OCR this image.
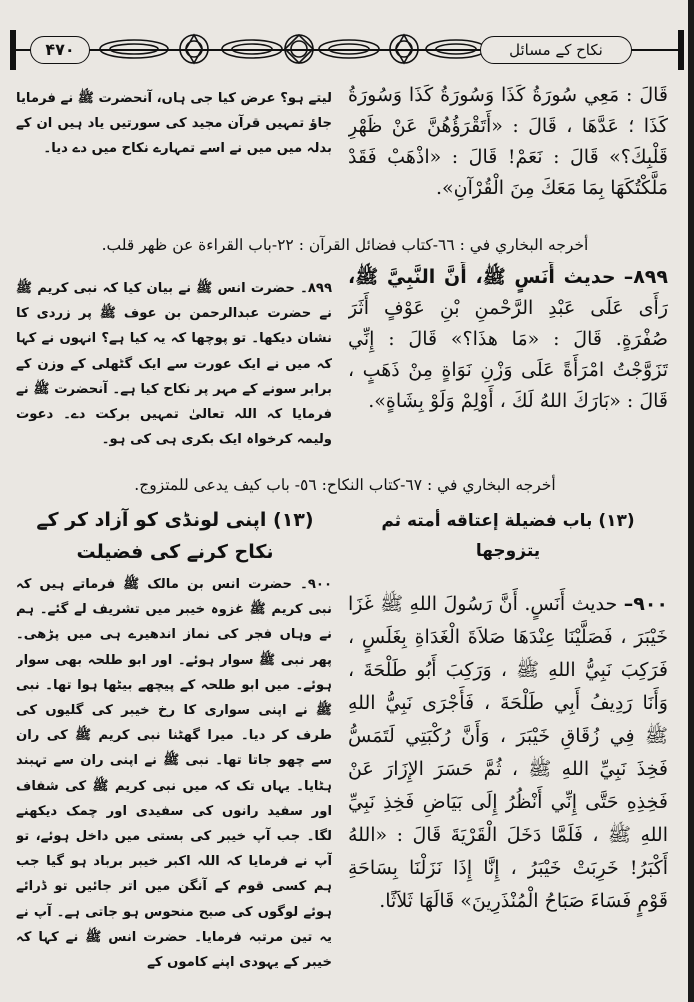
۴۷۰	نکاح کے مسائل
قَالَ : مَعِي سُورَةُ كَذَا وَسُورَةُ كَذَا وَسُورَةُ كَذَا ؛ عَدَّهَا ، قَالَ : «أَتَقْرَؤُهُنَّ عَنْ ظَهْرِ قَلْبِكَ؟» قَالَ : نَعَمْ! قَالَ : «اذْهَبْ فَقَدْ مَلَّكْتُكَهَا بِمَا مَعَكَ مِنَ الْقُرْآنِ».
لیتے ہو؟ عرض کیا جی ہاں، آنحضرت ﷺ نے فرمایا جاؤ تمہیں قرآن مجید کی سورتیں یاد ہیں ان کے بدلہ میں میں نے اسے تمہارے نکاح میں دے دیا۔
أخرجه البخاري في : ٦٦-كتاب فضائل القرآن : ٢٢-باب القراءة عن ظهر قلب.
٨٩٩– حديث أَنَسٍ ﷺ، أَنَّ النَّبِيَّ ﷺ، رَأَى عَلَى عَبْدِ الرَّحْمنِ بْنِ عَوْفٍ أَثَرَ صُفْرَةٍ. قَالَ : «مَا هذَا؟» قَالَ : إِنِّي تَزَوَّجْتُ امْرَأَةً عَلَى وَزْنِ نَوَاةٍ مِنْ ذَهَبٍ ، قَالَ : «بَارَكَ اللهُ لَكَ ، أَوْلِمْ وَلَوْ بِشَاةٍ».
۸۹۹۔ حضرت انس ﷺ نے بیان کیا کہ نبی کریم ﷺ نے حضرت عبدالرحمن بن عوف ﷺ پر زردی کا نشان دیکھا۔ تو پوچھا کہ یہ کیا ہے؟ انہوں نے کہا کہ میں نے ایک عورت سے ایک گٹھلی کے وزن کے برابر سونے کے مہر پر نکاح کیا ہے۔ آنحضرت ﷺ نے فرمایا کہ اللہ تعالیٰ تمہیں برکت دے۔ دعوت ولیمہ کرخواہ ایک بکری ہی کی ہو۔
أخرجه البخاري في : ٦٧-كتاب النكاح: ٥٦- باب كيف يدعى للمتزوج.
(١٣) باب فضيلة إعتاقه أمته ثم يتزوجها
(۱۳) اپنی لونڈی کو آزاد کر کے نکاح کرنے کی فضیلت
٩٠٠– حديث أَنَسٍ. أَنَّ رَسُولَ اللهِ ﷺ غَزَا خَيْبَرَ ، فَصَلَّيْنَا عِنْدَهَا صَلاَةَ الْغَدَاةِ بِغَلَسٍ ، فَرَكِبَ نَبِيُّ اللهِ ﷺ ، وَرَكِبَ أَبُو طَلْحَةَ ، وَأَنَا رَدِيفُ أَبِي طَلْحَةَ ، فَأَجْرَى نَبِيُّ اللهِ ﷺ فِي زُقَاقِ خَيْبَرَ ، وَأَنَّ رُكْبَتِي لَتَمَسُّ فَخِذَ نَبِيِّ اللهِ ﷺ ، ثُمَّ حَسَرَ الإِزَارَ عَنْ فَخِذِهِ حَتَّى إِنِّي أَنْظُرُ إِلَى بَيَاضِ فَخِذِ نَبِيِّ اللهِ ﷺ ، فَلَمَّا دَخَلَ الْقَرْيَةَ قَالَ : «اللهُ أَكْبَرُ! خَرِبَتْ خَيْبَرُ ، إِنَّا إِذَا نَزَلْنَا بِسَاحَةِ قَوْمٍ فَسَاءَ صَبَاحُ الْمُنْذَرِينَ» قَالَهَا ثَلاَثًا.
۹۰۰۔ حضرت انس بن مالک ﷺ فرماتے ہیں کہ نبی کریم ﷺ غزوہ خیبر میں تشریف لے گئے۔ ہم نے وہاں فجر کی نماز اندھیرے ہی میں پڑھی۔ پھر نبی ﷺ سوار ہوئے۔ اور ابو طلحہ بھی سوار ہوئے۔ میں ابو طلحہ کے پیچھے بیٹھا ہوا تھا۔ نبی ﷺ نے اپنی سواری کا رخ خیبر کی گلیوں کی طرف کر دیا۔ میرا گھٹنا نبی کریم ﷺ کی ران سے چھو جاتا تھا۔ نبی ﷺ نے اپنی ران سے تہبند ہٹایا۔ یہاں تک کہ میں نبی کریم ﷺ کی شفاف اور سفید رانوں کی سفیدی اور چمک دیکھنے لگا۔ جب آپ خیبر کی بستی میں داخل ہوئے، تو آپ نے فرمایا کہ اللہ اکبر خیبر برباد ہو گیا جب ہم کسی قوم کے آنگن میں اتر جائیں تو ڈرائے ہوئے لوگوں کی صبح منحوس ہو جاتی ہے۔ آپ نے یہ تین مرتبہ فرمایا۔ حضرت انس ﷺ نے کہا کہ خیبر کے یہودی اپنے کاموں کے
